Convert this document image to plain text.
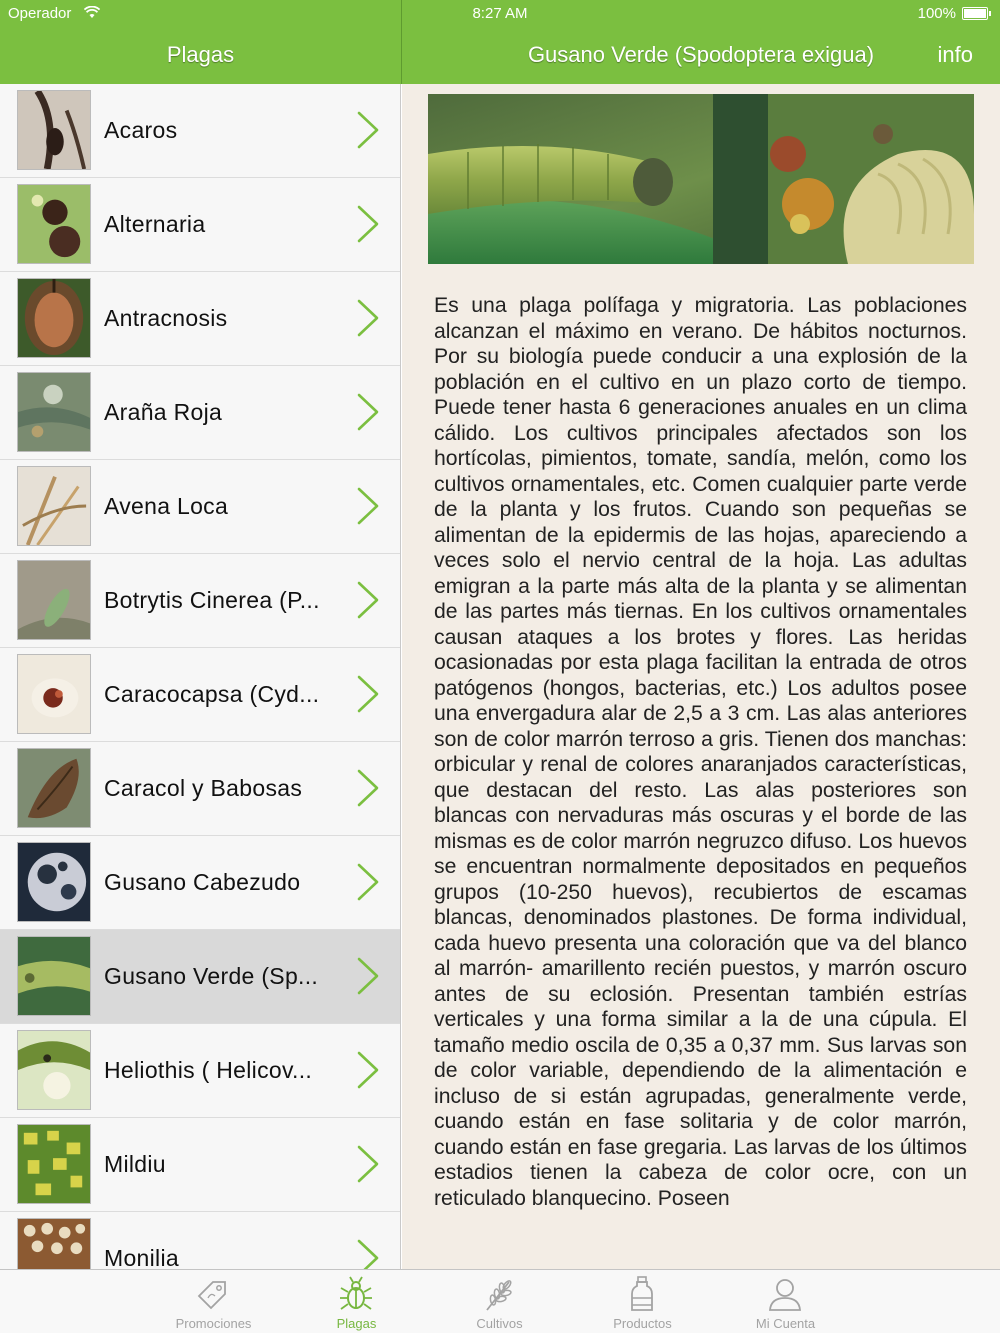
Operador	8:27 AM	100%
Plagas	Gusano Verde (Spodoptera exigua)	info
Acaros
Alternaria
Antracnosis
Araña Roja
Avena Loca
Botrytis Cinerea (P...
Caracocapsa (Cyd...
Caracol y Babosas
Gusano Cabezudo
Gusano Verde (Sp...
Heliothis ( Helicov...
Mildiu
Monilia

Es una plaga polífaga y migratoria. Las poblaciones alcanzan el máximo en verano. De hábitos nocturnos. Por su biología puede conducir a una explosión de la población en el cultivo en un plazo corto de tiempo. Puede tener hasta 6 generaciones anuales en un clima cálido. Los cultivos principales afectados son los hortícolas, pimientos, tomate, sandía, melón, como los cultivos ornamentales, etc. Comen cualquier parte verde de la planta y los frutos. Cuando son pequeñas se alimentan de la epidermis de las hojas, apareciendo a veces solo el nervio central de la hoja. Las adultas emigran a la parte más alta de la planta y se alimentan de las partes más tiernas. En los cultivos ornamentales causan ataques a los brotes y flores. Las heridas ocasionadas por esta plaga facilitan la entrada de otros patógenos (hongos, bacterias, etc.) Los adultos posee una envergadura alar de 2,5 a 3 cm. Las alas anteriores son de color marrón terroso a gris. Tienen dos manchas: orbicular y renal de colores anaranjados características, que destacan del resto. Las alas posteriores son blancas con nervaduras más oscuras y el borde de las mismas es de color marrón negruzco difuso. Los huevos se encuentran normalmente depositados en pequeños grupos (10-250 huevos), recubiertos de escamas blancas, denominados plastones. De forma individual, cada huevo presenta una coloración que va del blanco al marrón- amarillento recién puestos, y marrón oscuro antes de su eclosión. Presentan también estrías verticales y una forma similar a la de una cúpula. El tamaño medio oscila de 0,35 a 0,37 mm. Sus larvas son de color variable, dependiendo de la alimentación e incluso de si están agrupadas, generalmente verde, cuando están en fase solitaria y de color marrón, cuando están en fase gregaria. Las larvas de los últimos estadios tienen la cabeza de color ocre, con un reticulado blanquecino. Poseen

Promociones	Plagas	Cultivos	Productos	Mi Cuenta
